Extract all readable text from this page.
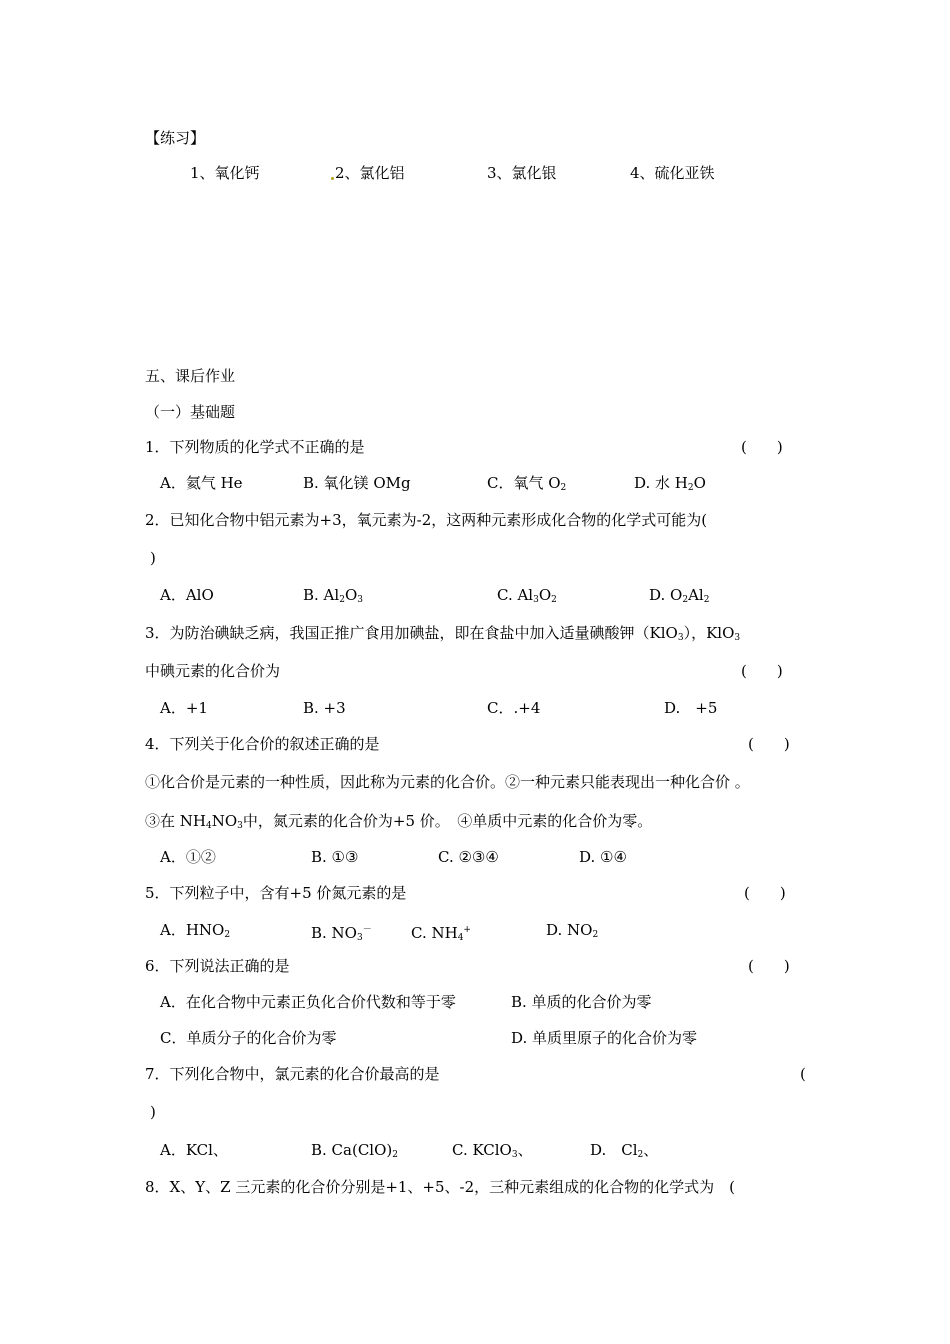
【练习】
1、氧化钙	2、氯化铝	3、氯化银	4、硫化亚铁
五、课后作业
（一）基础题
1．下列物质的化学式不正确的是	(　　)
A．氦气 He	B. 氧化镁 OMg	C．氧气 $O_2$	D. 水 $H_2O$
2．已知化合物中铝元素为+3，氧元素为-2，这两种元素形成化合物的化学式可能为(
)
A．AlO	B. $Al_2O_3$	C. $Al_3O_2$	D. $O_2Al_2$
3．为防治碘缺乏病，我国正推广食用加碘盐，即在食盐中加入适量碘酸钾（KlO$_3$），KlO$_3$
中碘元素的化合价为	(　　)
A．+1	B. +3	C．.+4	D.　+5
4．下列关于化合价的叙述正确的是	(　　)
①化合价是元素的一种性质，因此称为元素的化合价。②一种元素只能表现出一种化合价 。
③在 $NH_4NO_3$中，氮元素的化合价为+5 价。　④单质中元素的化合价为零。
A．①②	B. ①③	C. ②③④	D. ①④
5．下列粒子中，含有+5 价氮元素的是	(　　)
A．$HNO_2$	B. $NO_3^-$	C. $NH_4^+$	D. $NO_2$
6．下列说法正确的是	(　　)
A．在化合物中元素正负化合价代数和等于零	B. 单质的化合价为零
C．单质分子的化合价为零	D. 单质里原子的化合价为零
7．下列化合物中，氯元素的化合价最高的是	(
)
A．KCl、	B. $Ca(ClO)_2$	C. KClO$_3$、	D.　$Cl_2$、
8．X、Y、Z 三元素的化合价分别是+1、+5、-2，三种元素组成的化合物的化学式为　(
